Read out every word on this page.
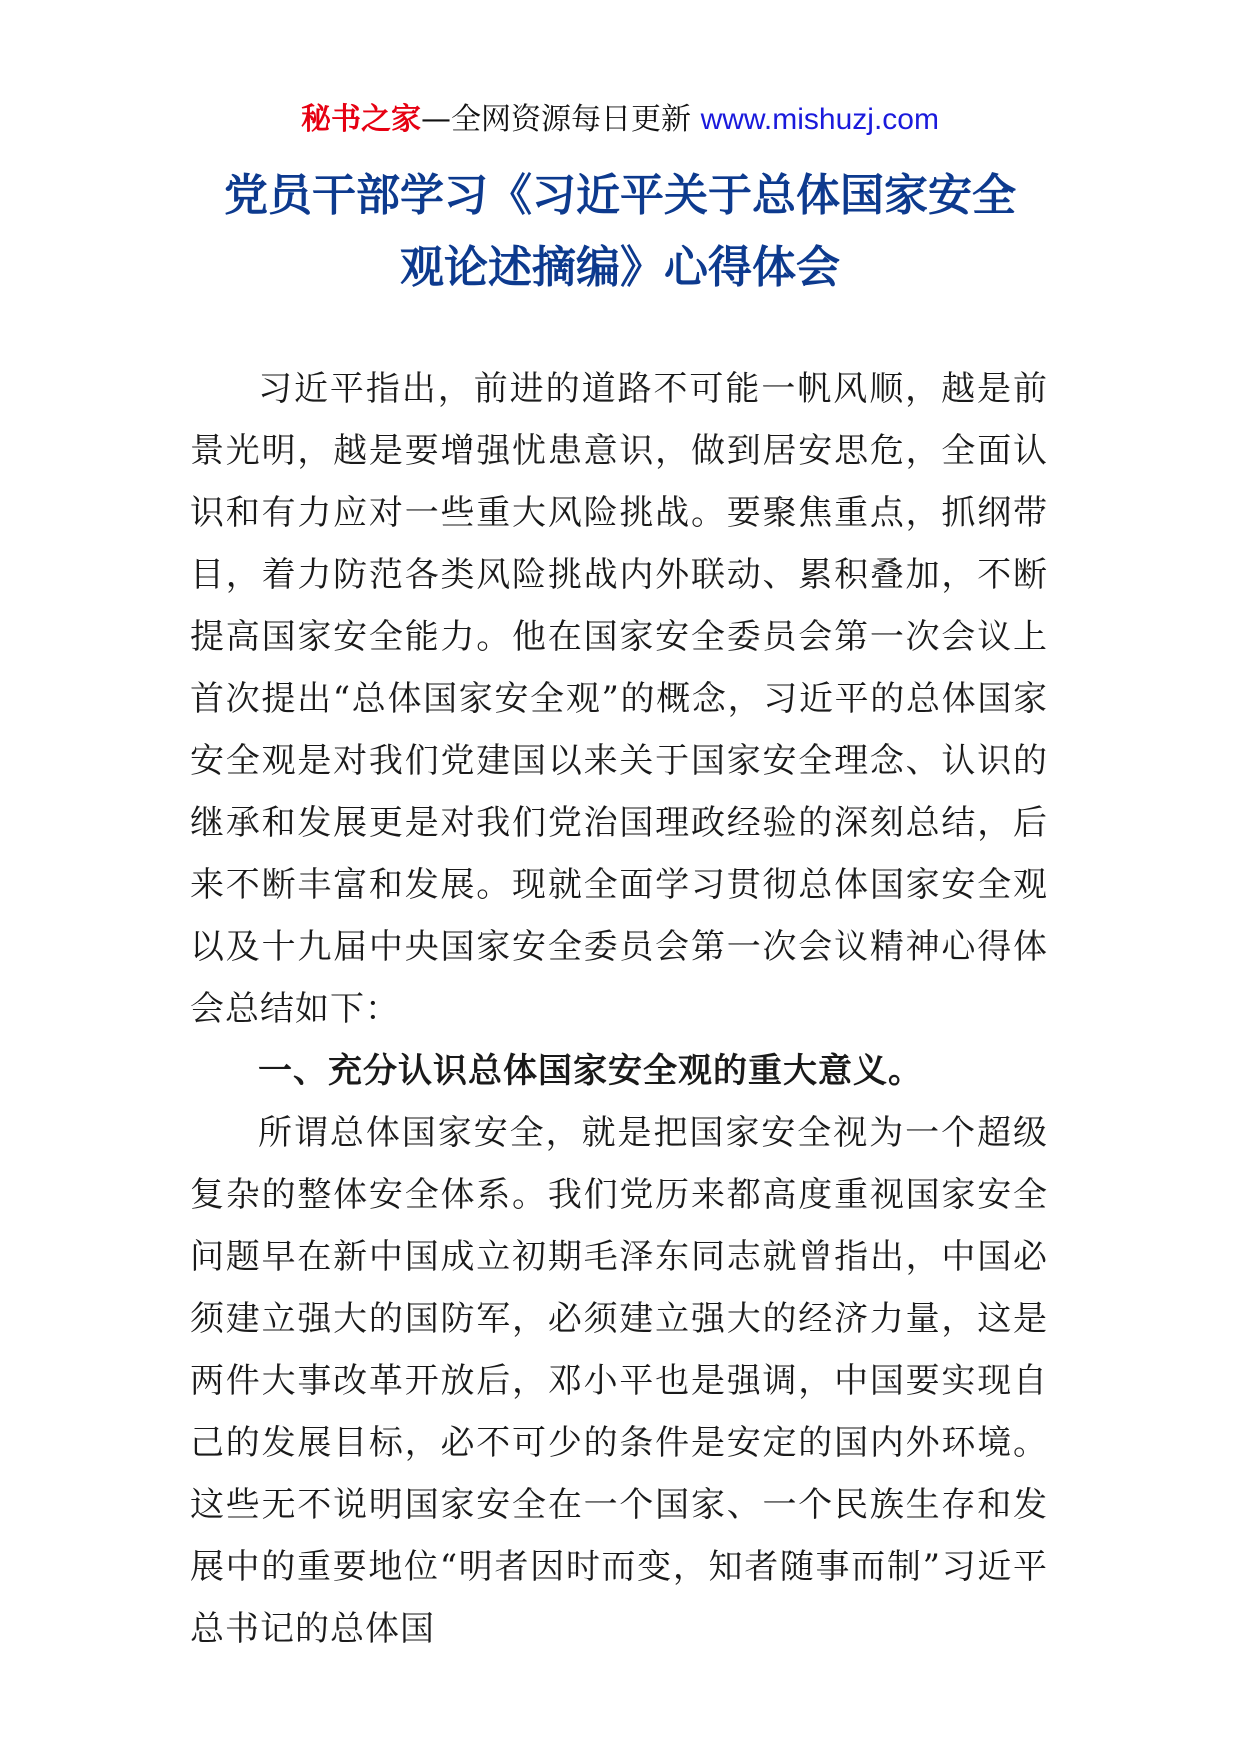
秘书之家—全网资源每日更新 www.mishuzj.com
党员干部学习《习近平关于总体国家安全
观论述摘编》心得体会

习近平指出，前进的道路不可能一帆风顺，越是前景光明，越是要增强忧患意识，做到居安思危，全面认识和有力应对一些重大风险挑战。要聚焦重点，抓纲带目，着力防范各类风险挑战内外联动、累积叠加，不断提高国家安全能力。他在国家安全委员会第一次会议上首次提出“总体国家安全观”的概念，习近平的总体国家安全观是对我们党建国以来关于国家安全理念、认识的继承和发展更是对我们党治国理政经验的深刻总结，后来不断丰富和发展。现就全面学习贯彻总体国家安全观以及十九届中央国家安全委员会第一次会议精神心得体会总结如下：

一、充分认识总体国家安全观的重大意义。

所谓总体国家安全，就是把国家安全视为一个超级复杂的整体安全体系。我们党历来都高度重视国家安全问题早在新中国成立初期毛泽东同志就曾指出，中国必须建立强大的国防军，必须建立强大的经济力量，这是两件大事改革开放后，邓小平也是强调，中国要实现自己的发展目标，必不可少的条件是安定的国内外环境。这些无不说明国家安全在一个国家、一个民族生存和发展中的重要地位“明者因时而变，知者随事而制”习近平总书记的总体国
